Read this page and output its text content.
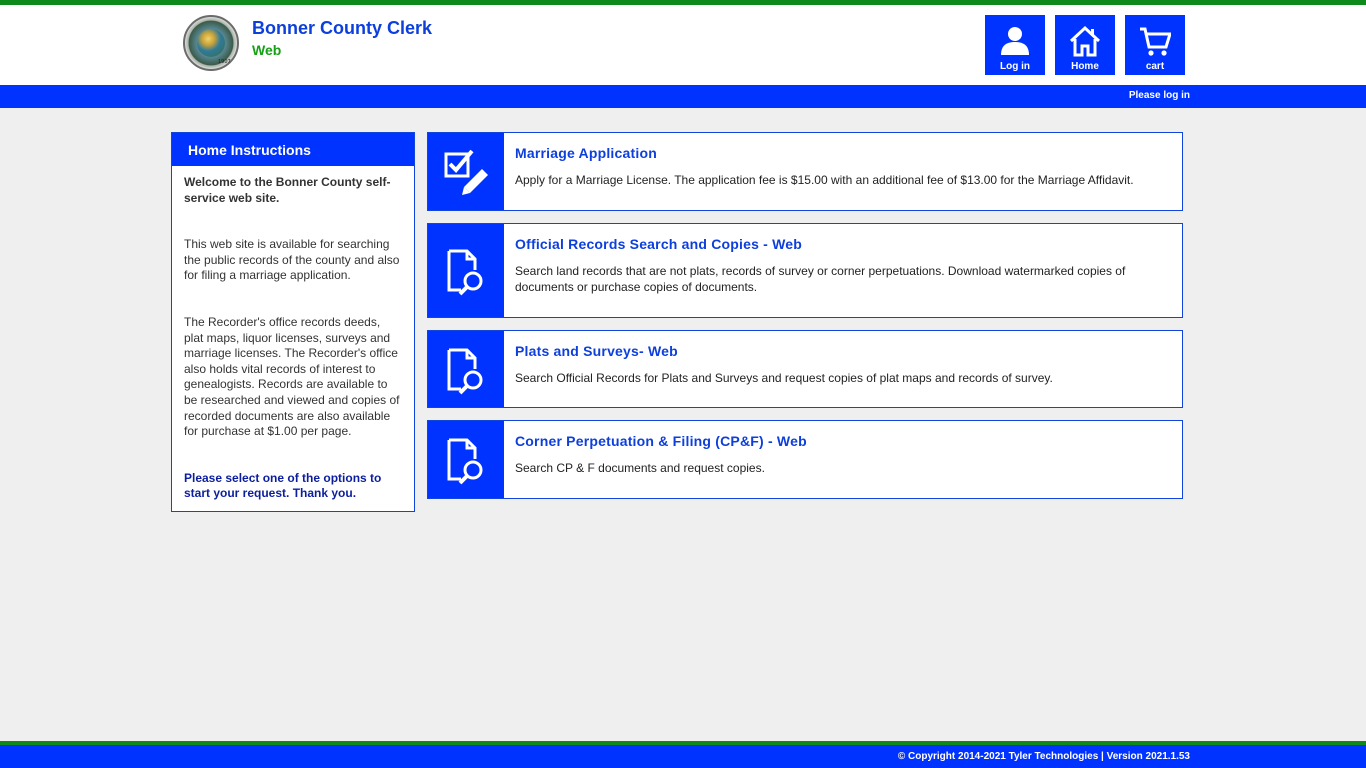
1907
Bonner County Clerk
Web
Log in	Home	cart
Please log in
Home Instructions

Welcome to the Bonner County self-service web site.

This web site is available for searching the public records of the county and also for filing a marriage application.

The Recorder's office records deeds, plat maps, liquor licenses, surveys and marriage licenses. The Recorder's office also holds vital records of interest to genealogists. Records are available to be researched and viewed and copies of recorded documents are also available for purchase at $1.00 per page.

Please select one of the options to start your request. Thank you.

Marriage Application
Apply for a Marriage License. The application fee is $15.00 with an additional fee of $13.00 for the Marriage Affidavit.
Official Records Search and Copies - Web
Search land records that are not plats, records of survey or corner perpetuations. Download watermarked copies of documents or purchase copies of documents.
Plats and Surveys- Web
Search Official Records for Plats and Surveys and request copies of plat maps and records of survey.
Corner Perpetuation & Filing (CP&F) - Web
Search CP & F documents and request copies.
© Copyright 2014-2021 Tyler Technologies | Version 2021.1.53
